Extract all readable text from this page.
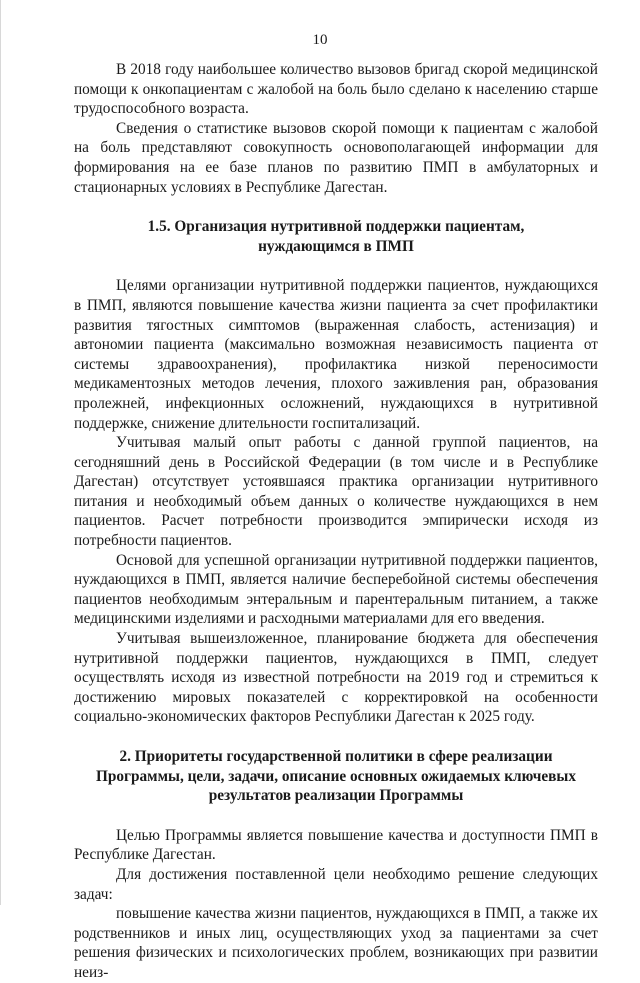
10

В 2018 году наибольшее количество вызовов бригад скорой медицинской помощи к онкопациентам с жалобой на боль было сделано к населению старше трудоспособного возраста.

Сведения о статистике вызовов скорой помощи к пациентам с жалобой на боль представляют совокупность основополагающей информации для формирования на ее базе планов по развитию ПМП в амбулаторных и стационарных условиях в Республике Дагестан.

1.5. Организация нутритивной поддержки пациентам,
нуждающимся в ПМП

Целями организации нутритивной поддержки пациентов, нуждающихся в ПМП, являются повышение качества жизни пациента за счет профилактики развития тягостных симптомов (выраженная слабость, астенизация) и автономии пациента (максимально возможная независимость пациента от системы здравоохранения), профилактика низкой переносимости медикаментозных методов лечения, плохого заживления ран, образования пролежней, инфекционных осложнений, нуждающихся в нутритивной поддержке, снижение длительности госпитализаций.

Учитывая малый опыт работы с данной группой пациентов, на сегодняшний день в Российской Федерации (в том числе и в Республике Дагестан) отсутствует устоявшаяся практика организации нутритивного питания и необходимый объем данных о количестве нуждающихся в нем пациентов. Расчет потребности производится эмпирически исходя из потребности пациентов.

Основой для успешной организации нутритивной поддержки пациентов, нуждающихся в ПМП, является наличие бесперебойной системы обеспечения пациентов необходимым энтеральным и парентеральным питанием, а также медицинскими изделиями и расходными материалами для его введения.

Учитывая вышеизложенное, планирование бюджета для обеспечения нутритивной поддержки пациентов, нуждающихся в ПМП, следует осуществлять исходя из известной потребности на 2019 год и стремиться к достижению мировых показателей с корректировкой на особенности социально-экономических факторов Республики Дагестан к 2025 году.

2. Приоритеты государственной политики в сфере реализации
Программы, цели, задачи, описание основных ожидаемых ключевых
результатов реализации Программы

Целью Программы является повышение качества и доступности ПМП в Республике Дагестан.

Для достижения поставленной цели необходимо решение следующих задач:

повышение качества жизни пациентов, нуждающихся в ПМП, а также их родственников и иных лиц, осуществляющих уход за пациентами за счет решения физических и психологических проблем, возникающих при развитии неиз-
